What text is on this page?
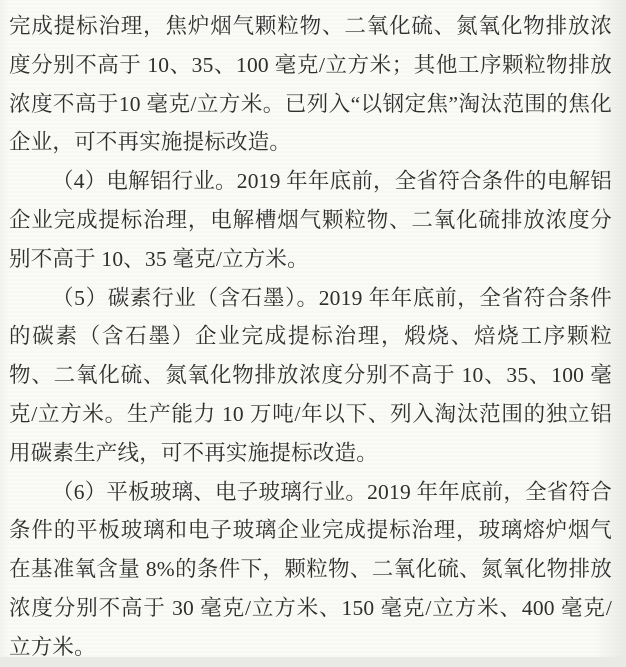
完成提标治理，焦炉烟气颗粒物、二氧化硫、氮氧化物排放浓度分别不高于 10、35、100 毫克/立方米；其他工序颗粒物排放浓度不高于10 毫克/立方米。已列入“以钢定焦”淘汰范围的焦化企业，可不再实施提标改造。

（4）电解铝行业。2019 年年底前，全省符合条件的电解铝企业完成提标治理，电解槽烟气颗粒物、二氧化硫排放浓度分别不高于 10、35 毫克/立方米。

（5）碳素行业（含石墨）。2019 年年底前，全省符合条件的碳素（含石墨）企业完成提标治理，煅烧、焙烧工序颗粒物、二氧化硫、氮氧化物排放浓度分别不高于 10、35、100 毫克/立方米。生产能力 10 万吨/年以下、列入淘汰范围的独立铝用碳素生产线，可不再实施提标改造。

（6）平板玻璃、电子玻璃行业。2019 年年底前，全省符合条件的平板玻璃和电子玻璃企业完成提标治理，玻璃熔炉烟气在基准氧含量 8%的条件下，颗粒物、二氧化硫、氮氧化物排放浓度分别不高于 30 毫克/立方米、150 毫克/立方米、400 毫克/立方米。
